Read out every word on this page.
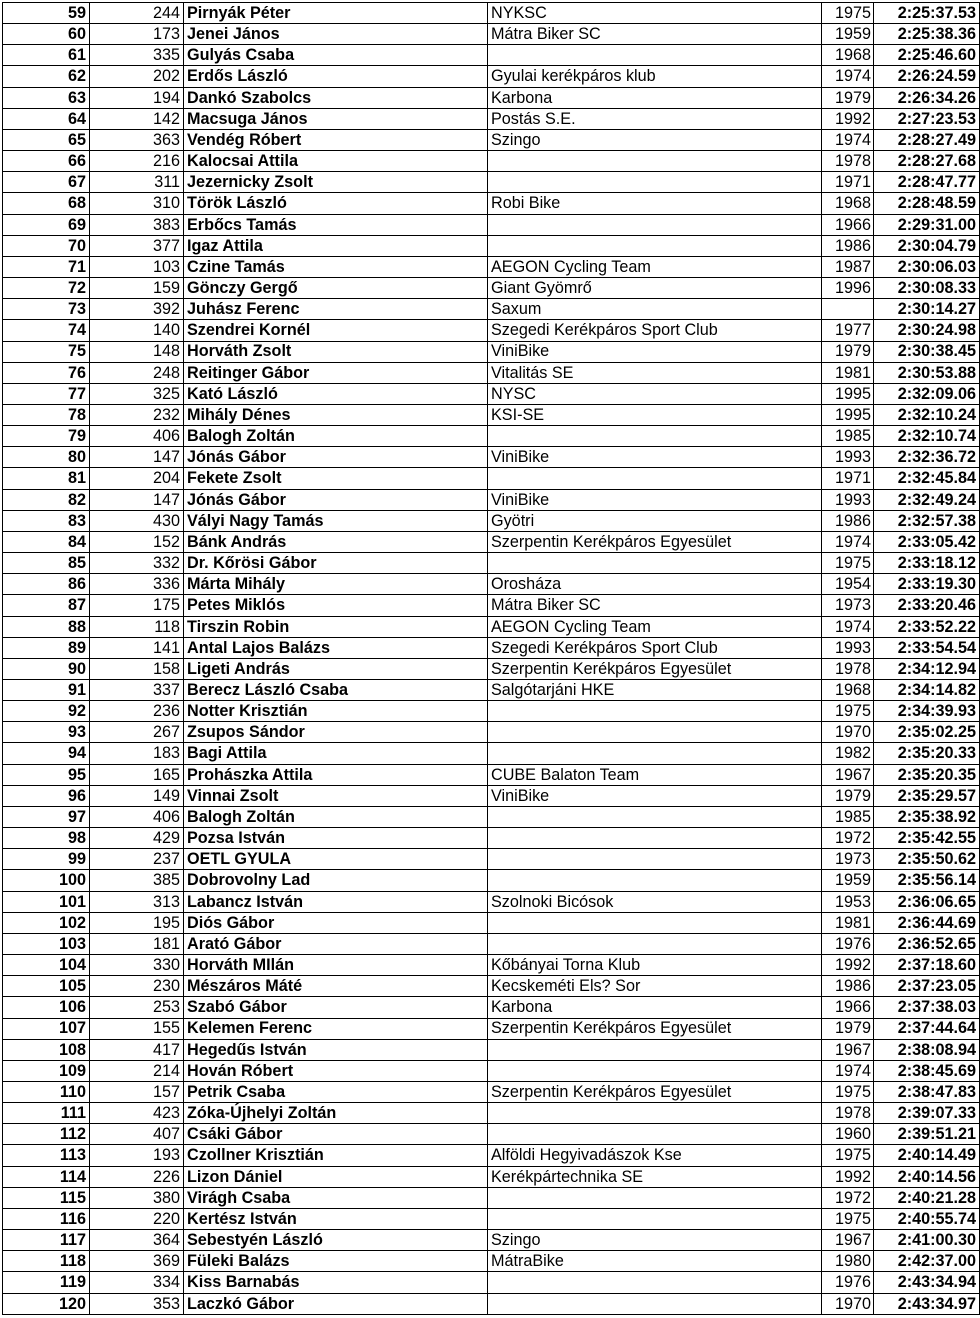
59	244	Pirnyák Péter	NYKSC	1975	2:25:37.53
60	173	Jenei János	Mátra Biker SC	1959	2:25:38.36
61	335	Gulyás Csaba		1968	2:25:46.60
62	202	Erdős László	Gyulai kerékpáros klub	1974	2:26:24.59
63	194	Dankó Szabolcs	Karbona	1979	2:26:34.26
64	142	Macsuga János	Postás S.E.	1992	2:27:23.53
65	363	Vendég Róbert	Szingo	1974	2:28:27.49
66	216	Kalocsai Attila		1978	2:28:27.68
67	311	Jezernicky Zsolt		1971	2:28:47.77
68	310	Török László	Robi Bike	1968	2:28:48.59
69	383	Erbőcs Tamás		1966	2:29:31.00
70	377	Igaz Attila		1986	2:30:04.79
71	103	Czine Tamás	AEGON Cycling Team	1987	2:30:06.03
72	159	Gönczy Gergő	Giant Gyömrő	1996	2:30:08.33
73	392	Juhász Ferenc	Saxum		2:30:14.27
74	140	Szendrei Kornél	Szegedi Kerékpáros Sport Club	1977	2:30:24.98
75	148	Horváth Zsolt	ViniBike	1979	2:30:38.45
76	248	Reitinger Gábor	Vitalitás SE	1981	2:30:53.88
77	325	Kató László	NYSC	1995	2:32:09.06
78	232	Mihály Dénes	KSI-SE	1995	2:32:10.24
79	406	Balogh Zoltán		1985	2:32:10.74
80	147	Jónás Gábor	ViniBike	1993	2:32:36.72
81	204	Fekete Zsolt		1971	2:32:45.84
82	147	Jónás Gábor	ViniBike	1993	2:32:49.24
83	430	Vályi Nagy Tamás	Gyötri	1986	2:32:57.38
84	152	Bánk András	Szerpentin Kerékpáros Egyesület	1974	2:33:05.42
85	332	Dr. Kőrösi Gábor		1975	2:33:18.12
86	336	Márta Mihály	Orosháza	1954	2:33:19.30
87	175	Petes Miklós	Mátra Biker SC	1973	2:33:20.46
88	118	Tirszin Robin	AEGON Cycling Team	1974	2:33:52.22
89	141	Antal Lajos Balázs	Szegedi Kerékpáros Sport Club	1993	2:33:54.54
90	158	Ligeti András	Szerpentin Kerékpáros Egyesület	1978	2:34:12.94
91	337	Berecz László Csaba	Salgótarjáni HKE	1968	2:34:14.82
92	236	Notter Krisztián		1975	2:34:39.93
93	267	Zsupos Sándor		1970	2:35:02.25
94	183	Bagi Attila		1982	2:35:20.33
95	165	Prohászka Attila	CUBE Balaton Team	1967	2:35:20.35
96	149	Vinnai Zsolt	ViniBike	1979	2:35:29.57
97	406	Balogh Zoltán		1985	2:35:38.92
98	429	Pozsa István		1972	2:35:42.55
99	237	OETL GYULA		1973	2:35:50.62
100	385	Dobrovolny Lad		1959	2:35:56.14
101	313	Labancz István	Szolnoki Bicósok	1953	2:36:06.65
102	195	Diós Gábor		1981	2:36:44.69
103	181	Arató Gábor		1976	2:36:52.65
104	330	Horváth MIlán	Kőbányai Torna Klub	1992	2:37:18.60
105	230	Mészáros Máté	Kecskeméti Els? Sor	1986	2:37:23.05
106	253	Szabó Gábor	Karbona	1966	2:37:38.03
107	155	Kelemen Ferenc	Szerpentin Kerékpáros Egyesület	1979	2:37:44.64
108	417	Hegedűs István		1967	2:38:08.94
109	214	Hován Róbert		1974	2:38:45.69
110	157	Petrik Csaba	Szerpentin Kerékpáros Egyesület	1975	2:38:47.83
111	423	Zóka-Újhelyi Zoltán		1978	2:39:07.33
112	407	Csáki Gábor		1960	2:39:51.21
113	193	Czollner Krisztián	Alföldi Hegyivadászok Kse	1975	2:40:14.49
114	226	Lizon Dániel	Kerékpártechnika SE	1992	2:40:14.56
115	380	Virágh Csaba		1972	2:40:21.28
116	220	Kertész István		1975	2:40:55.74
117	364	Sebestyén László	Szingo	1967	2:41:00.30
118	369	Füleki Balázs	MátraBike	1980	2:42:37.00
119	334	Kiss Barnabás		1976	2:43:34.94
120	353	Laczkó Gábor		1970	2:43:34.97
